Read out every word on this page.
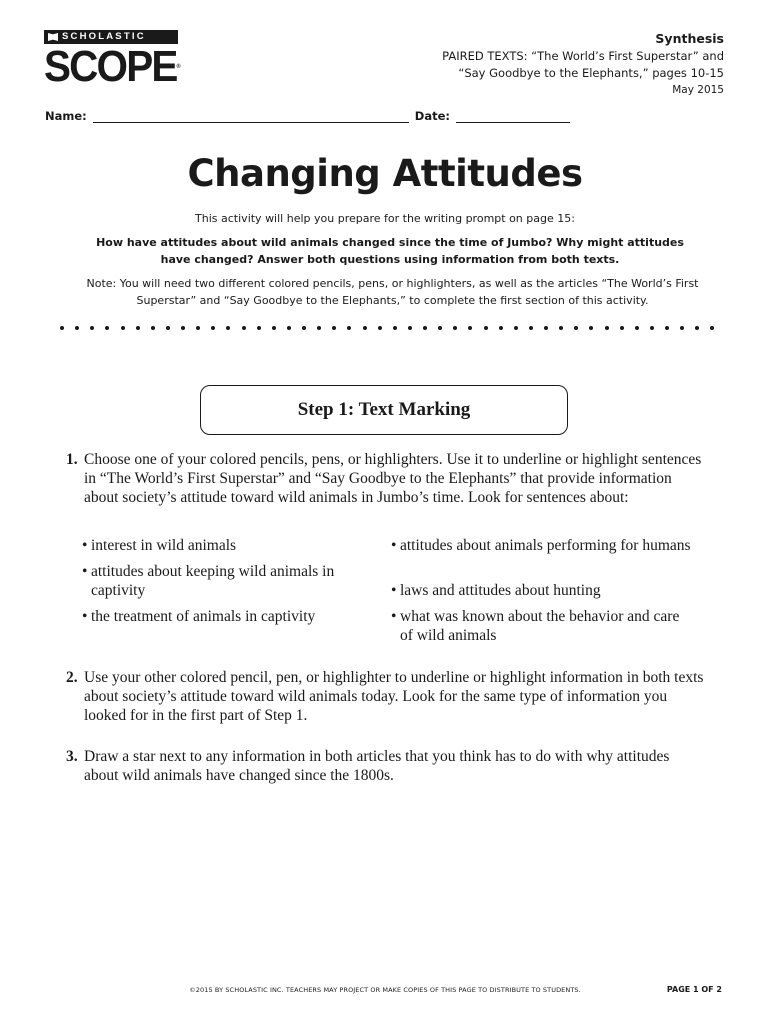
SCHOLASTIC
SCOPE®
Synthesis
PAIRED TEXTS: “The World’s First Superstar” and
“Say Goodbye to the Elephants,” pages 10-15
May 2015
Name:	Date:
Changing Attitudes
This activity will help you prepare for the writing prompt on page 15:
How have attitudes about wild animals changed since the time of Jumbo? Why might attitudes have changed? Answer both questions using information from both texts.
Note: You will need two different colored pencils, pens, or highlighters, as well as the articles “The World’s First Superstar” and “Say Goodbye to the Elephants,” to complete the first section of this activity.
Step 1: Text Marking
1. Choose one of your colored pencils, pens, or highlighters. Use it to underline or highlight sentences in “The World’s First Superstar” and “Say Goodbye to the Elephants” that provide information about society’s attitude toward wild animals in Jumbo’s time. Look for sentences about:
• interest in wild animals
• attitudes about keeping wild animals in captivity
• the treatment of animals in captivity
• attitudes about animals performing for humans
• laws and attitudes about hunting
• what was known about the behavior and care of wild animals
2. Use your other colored pencil, pen, or highlighter to underline or highlight information in both texts about society’s attitude toward wild animals today. Look for the same type of information you looked for in the first part of Step 1.
3. Draw a star next to any information in both articles that you think has to do with why attitudes about wild animals have changed since the 1800s.
©2015 BY SCHOLASTIC INC. TEACHERS MAY PROJECT OR MAKE COPIES OF THIS PAGE TO DISTRIBUTE TO STUDENTS.	PAGE 1 OF 2
